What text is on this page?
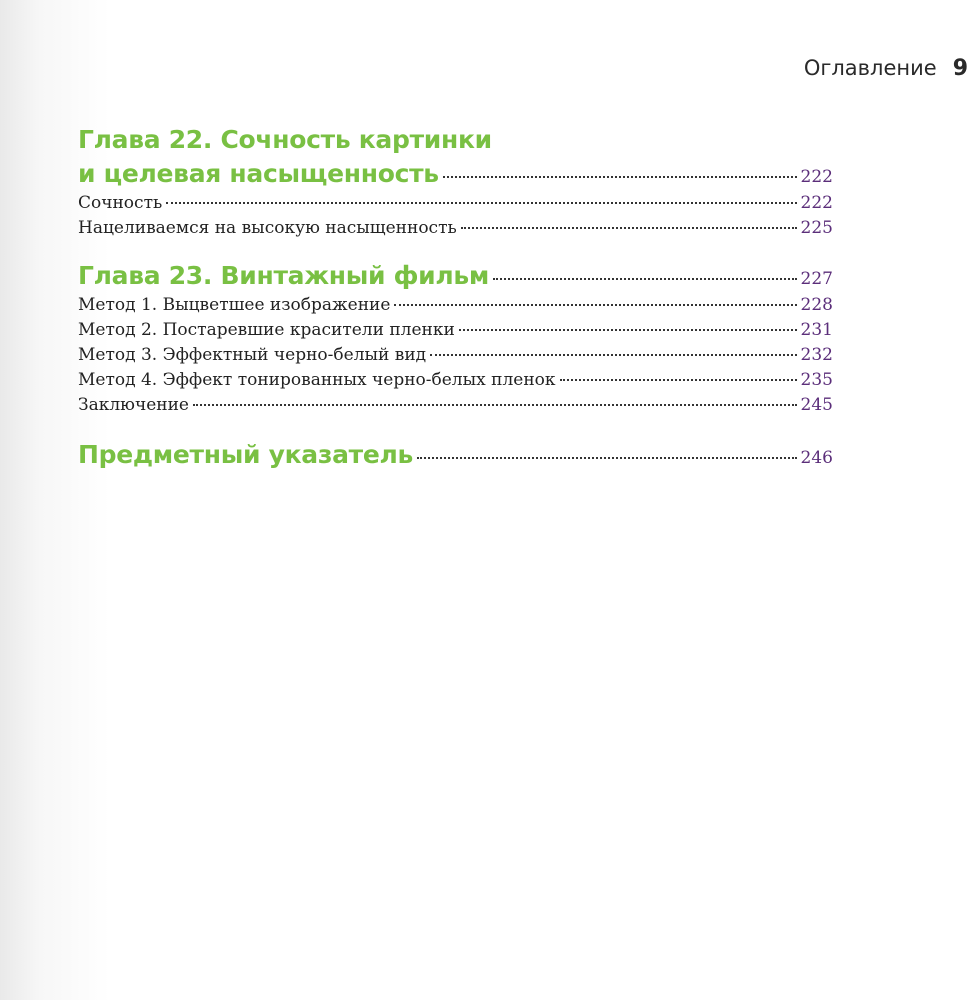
Оглавление 9
Глава 22. Сочность картинки
и целевая насыщенность	222
Сочность	222
Нацеливаемся на высокую насыщенность	225
Глава 23. Винтажный фильм	227
Метод 1. Выцветшее изображение	228
Метод 2. Постаревшие красители пленки	231
Метод 3. Эффектный черно-белый вид	232
Метод 4. Эффект тонированных черно-белых пленок	235
Заключение	245
Предметный указатель	246
